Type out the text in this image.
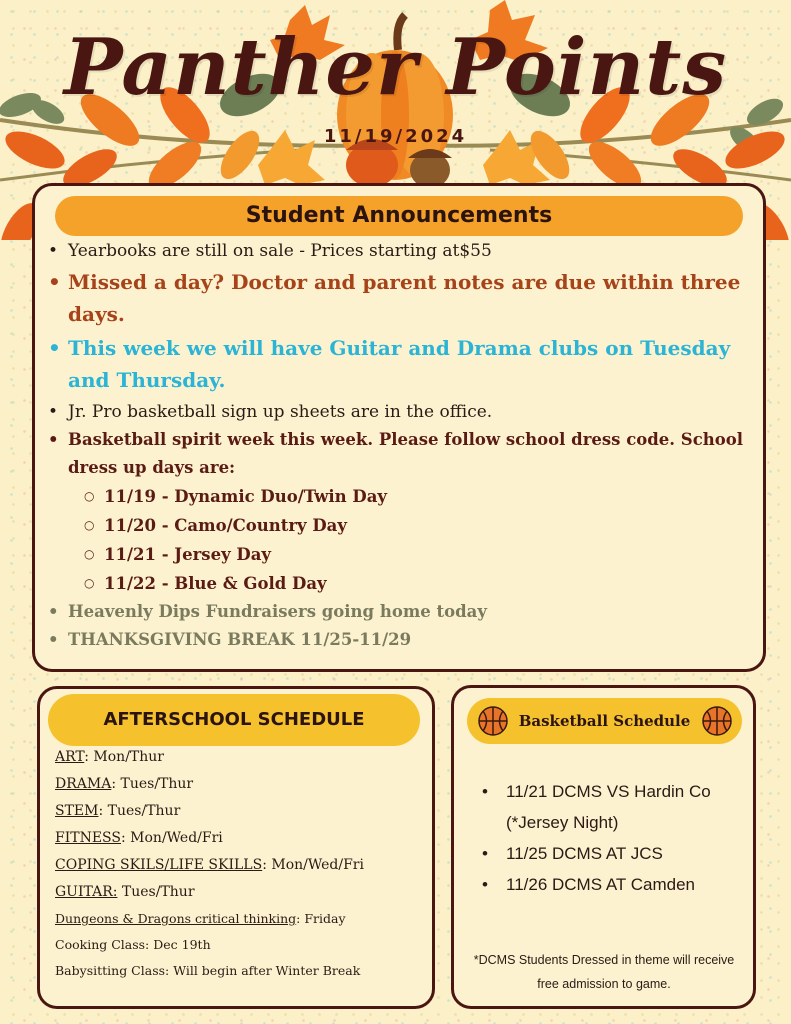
Panther Points
11/19/2024
Student Announcements
• Yearbooks are still on sale - Prices starting at$55
• Missed a day? Doctor and parent notes are due within three days.
• This week we will have Guitar and Drama clubs on Tuesday and Thursday.
• Jr. Pro basketball sign up sheets are in the office.
• Basketball spirit week this week. Please follow school dress code. School dress up days are:
○ 11/19 - Dynamic Duo/Twin Day
○ 11/20 - Camo/Country Day
○ 11/21 - Jersey Day
○ 11/22 - Blue & Gold Day
• Heavenly Dips Fundraisers going home today
• THANKSGIVING BREAK 11/25-11/29
AFTERSCHOOL SCHEDULE
ART: Mon/Thur
DRAMA: Tues/Thur
STEM: Tues/Thur
FITNESS: Mon/Wed/Fri
COPING SKILS/LIFE SKILLS: Mon/Wed/Fri
GUITAR: Tues/Thur
Dungeons & Dragons critical thinking: Friday
Cooking Class: Dec 19th
Babysitting Class: Will begin after Winter Break
Basketball Schedule
• 11/21 DCMS VS Hardin Co
(*Jersey Night)
• 11/25 DCMS AT JCS
• 11/26 DCMS AT Camden
*DCMS Students Dressed in theme will receive free admission to game.
